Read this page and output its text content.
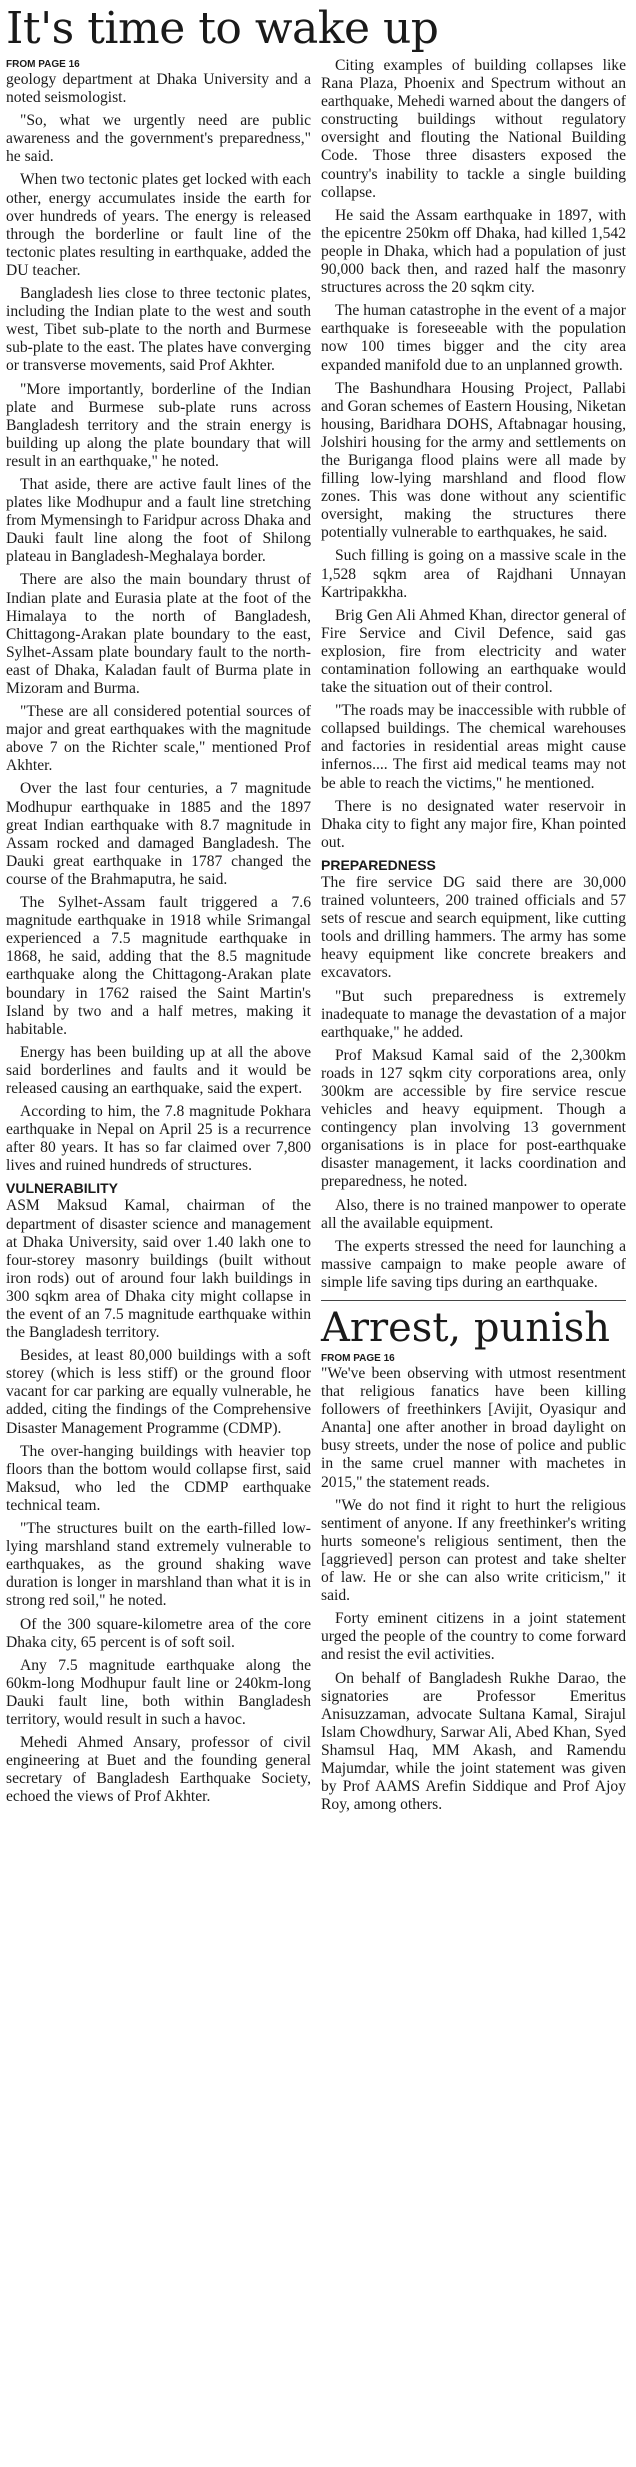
It's time to wake up
FROM PAGE 16

geology department at Dhaka University and a noted seismologist.

"So, what we urgently need are public awareness and the government's preparedness," he said.

When two tectonic plates get locked with each other, energy accumulates inside the earth for over hundreds of years. The energy is released through the borderline or fault line of the tectonic plates resulting in earthquake, added the DU teacher.

Bangladesh lies close to three tectonic plates, including the Indian plate to the west and south west, Tibet sub-plate to the north and Burmese sub-plate to the east. The plates have converging or transverse movements, said Prof Akhter.

"More importantly, borderline of the Indian plate and Burmese sub-plate runs across Bangladesh territory and the strain energy is building up along the plate boundary that will result in an earthquake," he noted.

That aside, there are active fault lines of the plates like Modhupur and a fault line stretching from Mymensingh to Faridpur across Dhaka and Dauki fault line along the foot of Shilong plateau in Bangladesh-Meghalaya border.

There are also the main boundary thrust of Indian plate and Eurasia plate at the foot of the Himalaya to the north of Bangladesh, Chittagong-Arakan plate boundary to the east, Sylhet-Assam plate boundary fault to the north-east of Dhaka, Kaladan fault of Burma plate in Mizoram and Burma.

"These are all considered potential sources of major and great earthquakes with the magnitude above 7 on the Richter scale," mentioned Prof Akhter.

Over the last four centuries, a 7 magnitude Modhupur earthquake in 1885 and the 1897 great Indian earthquake with 8.7 magnitude in Assam rocked and damaged Bangladesh. The Dauki great earthquake in 1787 changed the course of the Brahmaputra, he said.

The Sylhet-Assam fault triggered a 7.6 magnitude earthquake in 1918 while Srimangal experienced a 7.5 magnitude earthquake in 1868, he said, adding that the 8.5 magnitude earthquake along the Chittagong-Arakan plate boundary in 1762 raised the Saint Martin's Island by two and a half metres, making it habitable.

Energy has been building up at all the above said borderlines and faults and it would be released causing an earthquake, said the expert.

According to him, the 7.8 magnitude Pokhara earthquake in Nepal on April 25 is a recurrence after 80 years. It has so far claimed over 7,800 lives and ruined hundreds of structures.

VULNERABILITY

ASM Maksud Kamal, chairman of the department of disaster science and management at Dhaka University, said over 1.40 lakh one to four-storey masonry buildings (built without iron rods) out of around four lakh buildings in 300 sqkm area of Dhaka city might collapse in the event of an 7.5 magnitude earthquake within the Bangladesh territory.

Besides, at least 80,000 buildings with a soft storey (which is less stiff) or the ground floor vacant for car parking are equally vulnerable, he added, citing the findings of the Comprehensive Disaster Management Programme (CDMP).

The over-hanging buildings with heavier top floors than the bottom would collapse first, said Maksud, who led the CDMP earthquake technical team.

"The structures built on the earth-filled low-lying marshland stand extremely vulnerable to earthquakes, as the ground shaking wave duration is longer in marshland than what it is in strong red soil," he noted.

Of the 300 square-kilometre area of the core Dhaka city, 65 percent is of soft soil.

Any 7.5 magnitude earthquake along the 60km-long Modhupur fault line or 240km-long Dauki fault line, both within Bangladesh territory, would result in such a havoc.

Mehedi Ahmed Ansary, professor of civil engineering at Buet and the founding general secretary of Bangladesh Earthquake Society, echoed the views of Prof Akhter.

Citing examples of building collapses like Rana Plaza, Phoenix and Spectrum without an earthquake, Mehedi warned about the dangers of constructing buildings without regulatory oversight and flouting the National Building Code. Those three disasters exposed the country's inability to tackle a single building collapse.

He said the Assam earthquake in 1897, with the epicentre 250km off Dhaka, had killed 1,542 people in Dhaka, which had a population of just 90,000 back then, and razed half the masonry structures across the 20 sqkm city.

The human catastrophe in the event of a major earthquake is foreseeable with the population now 100 times bigger and the city area expanded manifold due to an unplanned growth.

The Bashundhara Housing Project, Pallabi and Goran schemes of Eastern Housing, Niketan housing, Baridhara DOHS, Aftabnagar housing, Jolshiri housing for the army and settlements on the Buriganga flood plains were all made by filling low-lying marshland and flood flow zones. This was done without any scientific oversight, making the structures there potentially vulnerable to earthquakes, he said.

Such filling is going on a massive scale in the 1,528 sqkm area of Rajdhani Unnayan Kartripakkha.

Brig Gen Ali Ahmed Khan, director general of Fire Service and Civil Defence, said gas explosion, fire from electricity and water contamination following an earthquake would take the situation out of their control.

"The roads may be inaccessible with rubble of collapsed buildings. The chemical warehouses and factories in residential areas might cause infernos.... The first aid medical teams may not be able to reach the victims," he mentioned.

There is no designated water reservoir in Dhaka city to fight any major fire, Khan pointed out.

PREPAREDNESS

The fire service DG said there are 30,000 trained volunteers, 200 trained officials and 57 sets of rescue and search equipment, like cutting tools and drilling hammers. The army has some heavy equipment like concrete breakers and excavators.

"But such preparedness is extremely inadequate to manage the devastation of a major earthquake," he added.

Prof Maksud Kamal said of the 2,300km roads in 127 sqkm city corporations area, only 300km are accessible by fire service rescue vehicles and heavy equipment. Though a contingency plan involving 13 government organisations is in place for post-earthquake disaster management, it lacks coordination and preparedness, he noted.

Also, there is no trained manpower to operate all the available equipment.

The experts stressed the need for launching a massive campaign to make people aware of simple life saving tips during an earthquake.

Arrest, punish
FROM PAGE 16

"We've been observing with utmost resentment that religious fanatics have been killing followers of freethinkers [Avijit, Oyasiqur and Ananta] one after another in broad daylight on busy streets, under the nose of police and public in the same cruel manner with machetes in 2015," the statement reads.

"We do not find it right to hurt the religious sentiment of anyone. If any freethinker's writing hurts someone's religious sentiment, then the [aggrieved] person can protest and take shelter of law. He or she can also write criticism," it said.

Forty eminent citizens in a joint statement urged the people of the country to come forward and resist the evil activities.

On behalf of Bangladesh Rukhe Darao, the signatories are Professor Emeritus Anisuzzaman, advocate Sultana Kamal, Sirajul Islam Chowdhury, Sarwar Ali, Abed Khan, Syed Shamsul Haq, MM Akash, and Ramendu Majumdar, while the joint statement was given by Prof AAMS Arefin Siddique and Prof Ajoy Roy, among others.
